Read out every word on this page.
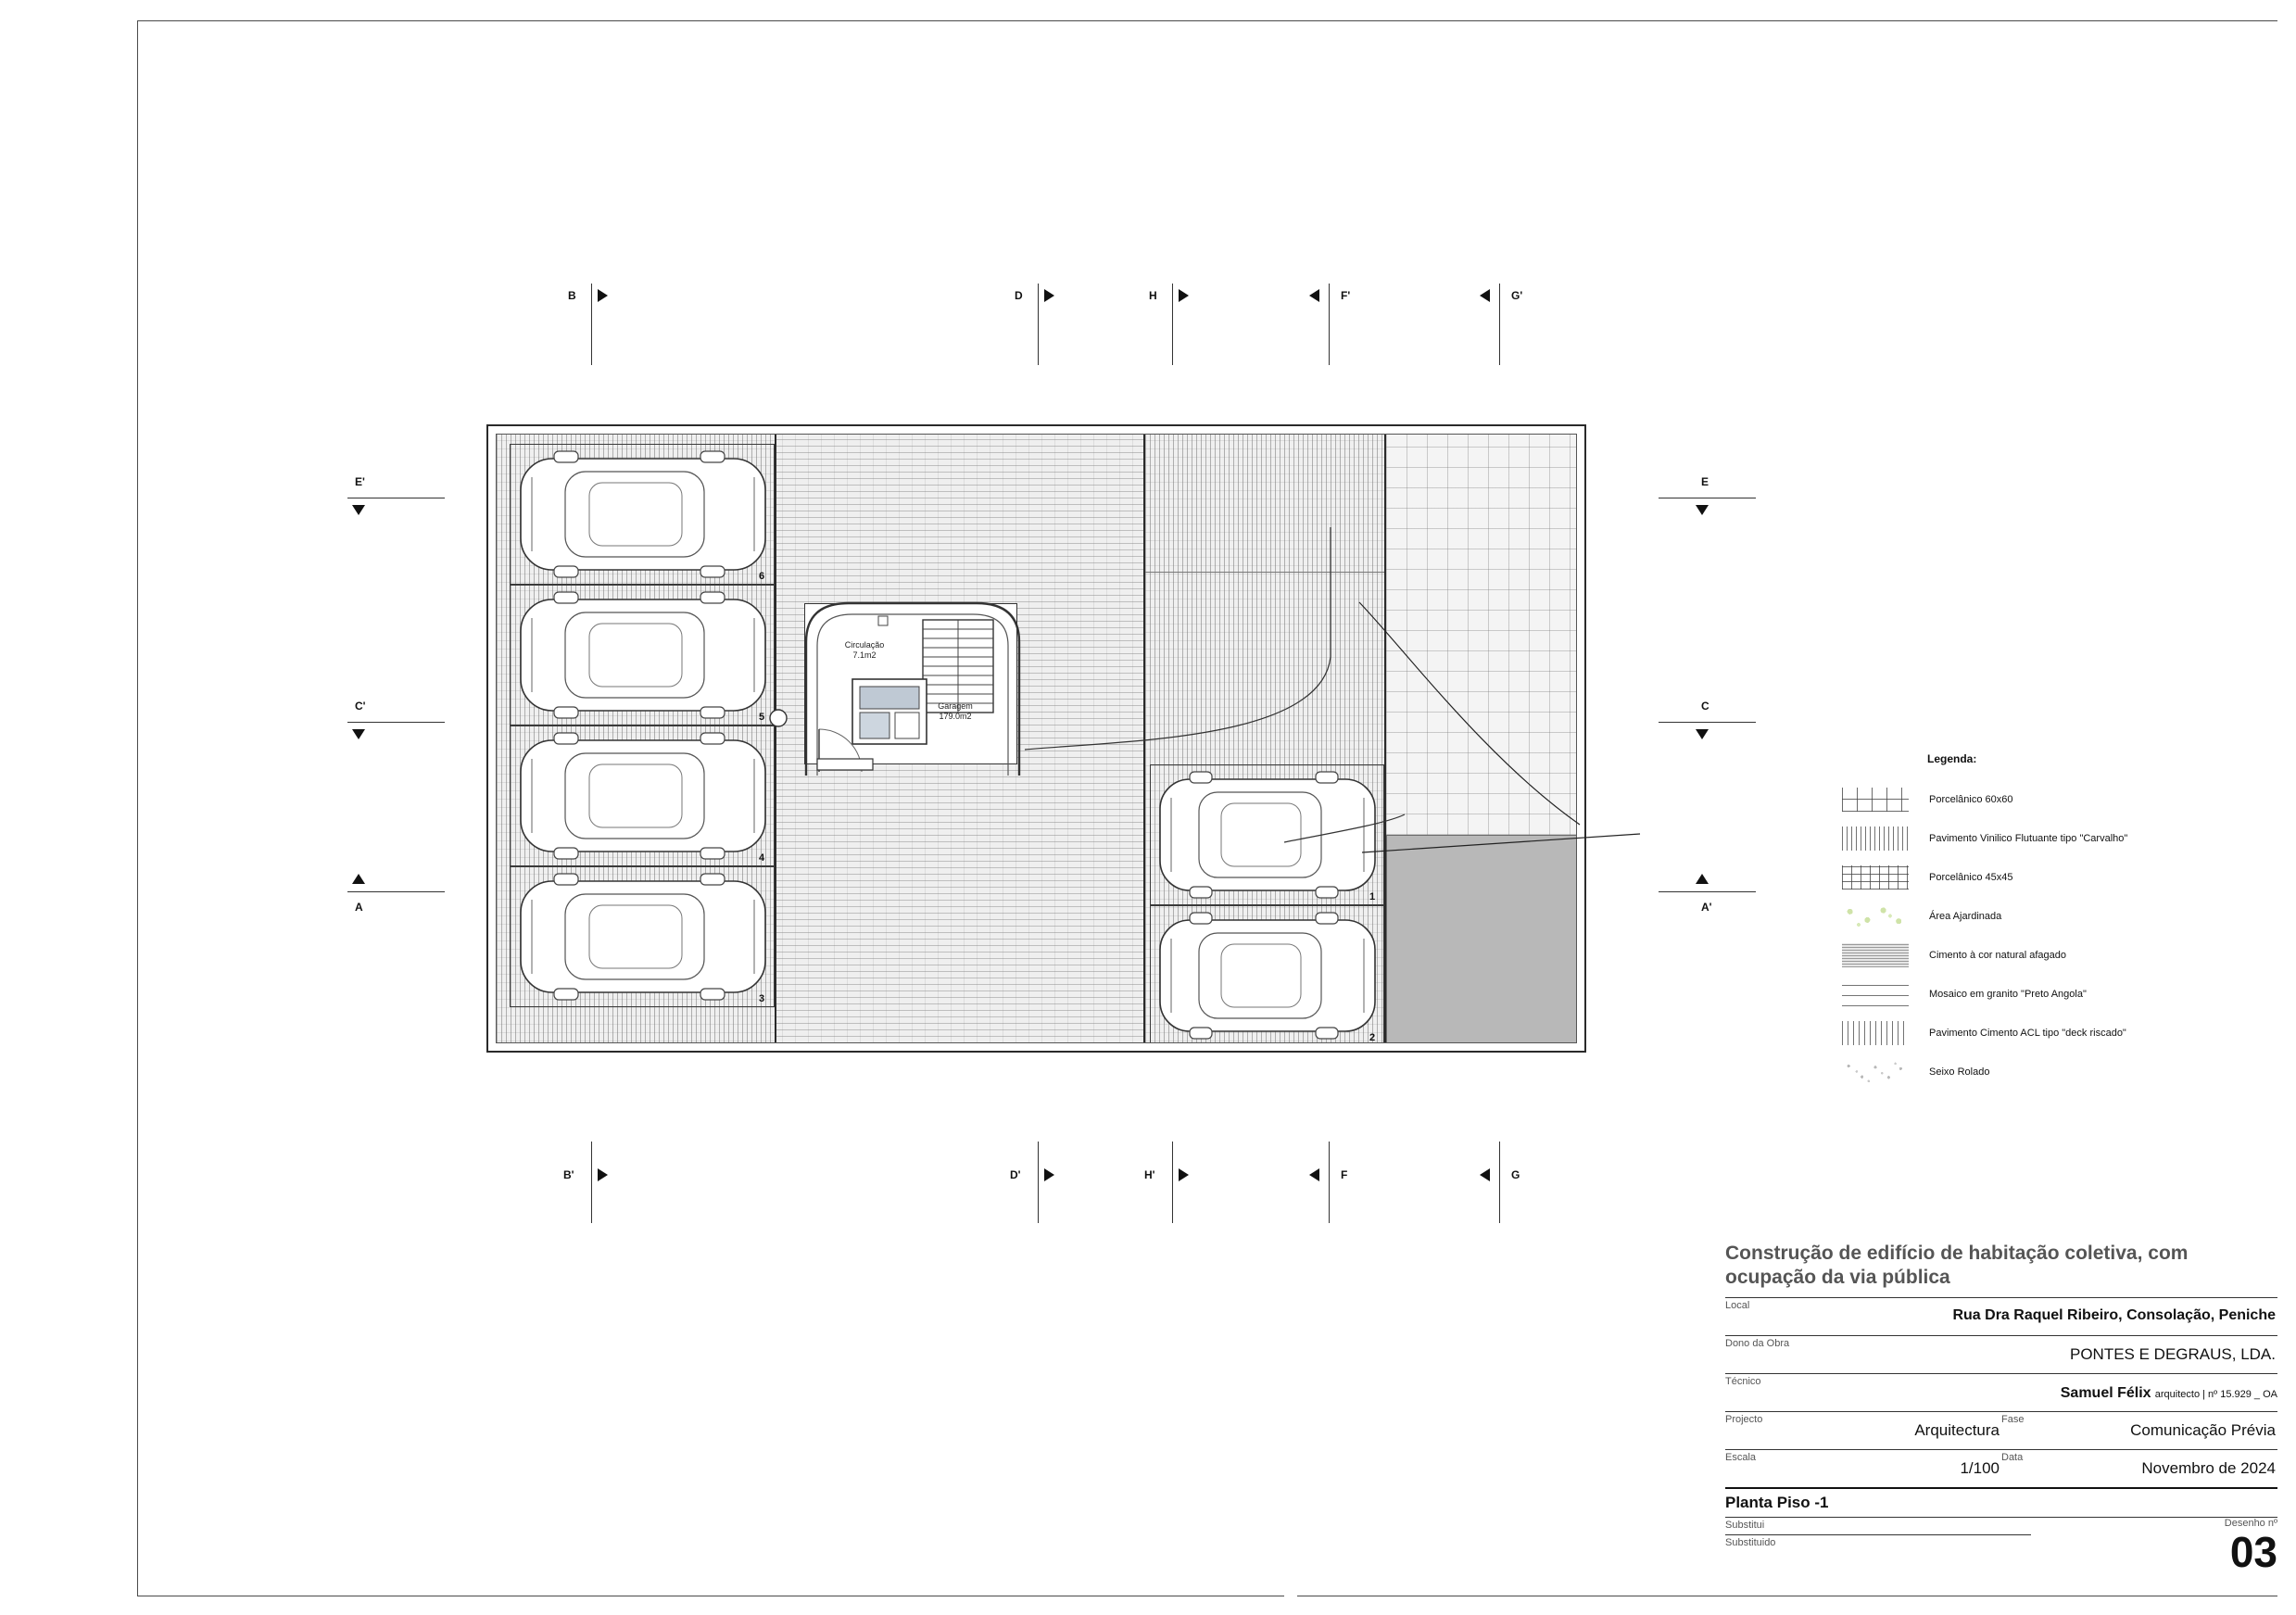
B	D	H	F'	G'
B'	D'	H'	F	G
E'
C'
A
E
C
A'
6
5
4
3
1
2
Circulação
7.1m2
Garagem
179.0m2
Legenda:
Porcelânico 60x60
Pavimento Vinilico Flutuante tipo "Carvalho"
Porcelânico 45x45
Área Ajardinada
Cimento à cor natural afagado
Mosaico em granito "Preto Angola"
Pavimento Cimento ACL tipo "deck riscado"
Seixo Rolado
Construção de edifício de habitação coletiva, com ocupação da via pública
Local
Rua Dra Raquel Ribeiro, Consolação, Peniche
Dono da Obra
PONTES E DEGRAUS, LDA.
Técnico
Samuel Félix arquitecto | nº 15.929 _ OA
Projecto
Arquitectura
Fase
Comunicação Prévia
Escala
1/100
Data
Novembro de 2024
Planta Piso -1
Substitui
Substituido
Desenho nº
03
